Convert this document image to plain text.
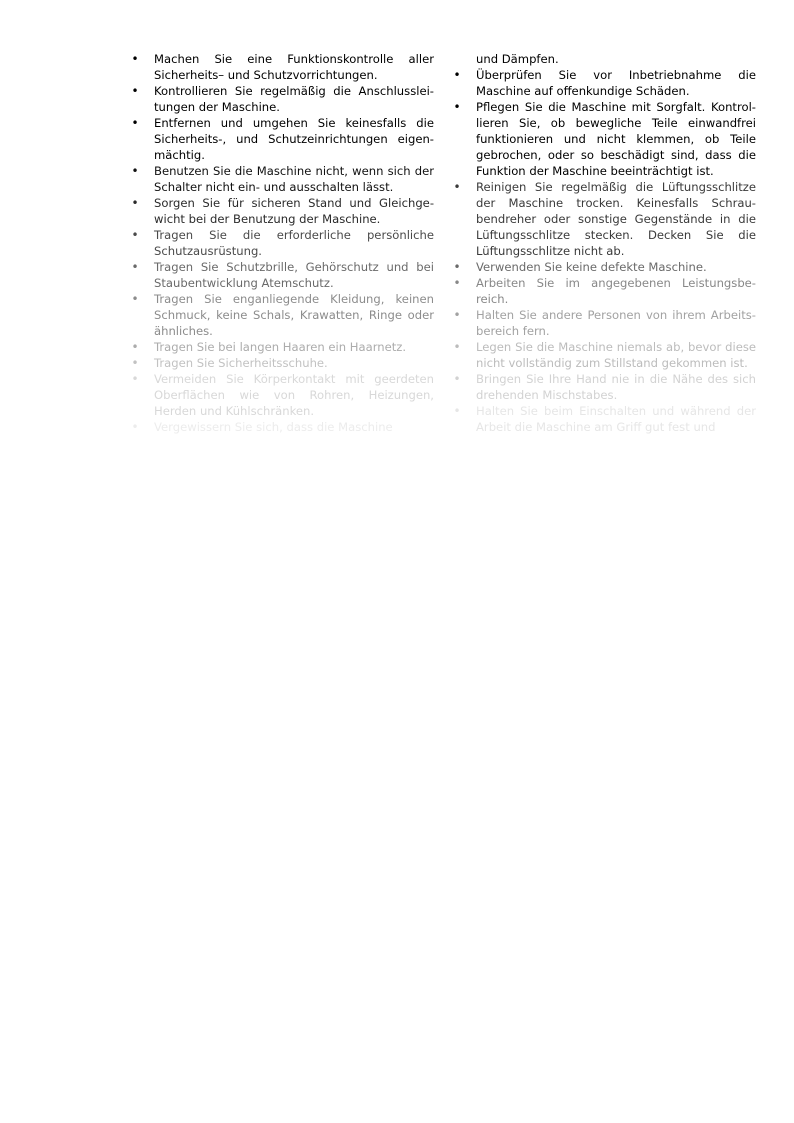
• Machen Sie eine Funktionskontrolle aller Sicherheits– und Schutzvorrichtungen.
• Kontrollieren Sie regelmäßig die Anschlusslei-tungen der Maschine.
• Entfernen und umgehen Sie keinesfalls die Sicherheits-, und Schutzeinrichtungen eigen-mächtig.
• Benutzen Sie die Maschine nicht, wenn sich der Schalter nicht ein- und ausschalten lässt.
• Sorgen Sie für sicheren Stand und Gleichge-wicht bei der Benutzung der Maschine.
• Tragen Sie die erforderliche persönliche Schutzausrüstung.
• Tragen Sie Schutzbrille, Gehörschutz und bei Staubentwicklung Atemschutz.
• Tragen Sie enganliegende Kleidung, keinen Schmuck, keine Schals, Krawatten, Ringe oder ähnliches.
• Tragen Sie bei langen Haaren ein Haarnetz.
• Tragen Sie Sicherheitsschuhe.
• Vermeiden Sie Körperkontakt mit geerdeten Oberflächen wie von Rohren, Heizungen, Herden und Kühlschränken.
• Vergewissern Sie sich, dass die Maschine
und Dämpfen.
• Überprüfen Sie vor Inbetriebnahme die Maschine auf offenkundige Schäden.
• Pflegen Sie die Maschine mit Sorgfalt. Kontrol-lieren Sie, ob bewegliche Teile einwandfrei funktionieren und nicht klemmen, ob Teile gebrochen, oder so beschädigt sind, dass die Funktion der Maschine beeinträchtigt ist.
• Reinigen Sie regelmäßig die Lüftungsschlitze der Maschine trocken. Keinesfalls Schrau-bendreher oder sonstige Gegenstände in die Lüftungsschlitze stecken. Decken Sie die Lüftungsschlitze nicht ab.
• Verwenden Sie keine defekte Maschine.
• Arbeiten Sie im angegebenen Leistungsbe-reich.
• Halten Sie andere Personen von ihrem Arbeits-bereich fern.
• Legen Sie die Maschine niemals ab, bevor diese nicht vollständig zum Stillstand gekommen ist.
• Bringen Sie Ihre Hand nie in die Nähe des sich drehenden Mischstabes.
• Halten Sie beim Einschalten und während der Arbeit die Maschine am Griff gut fest und
